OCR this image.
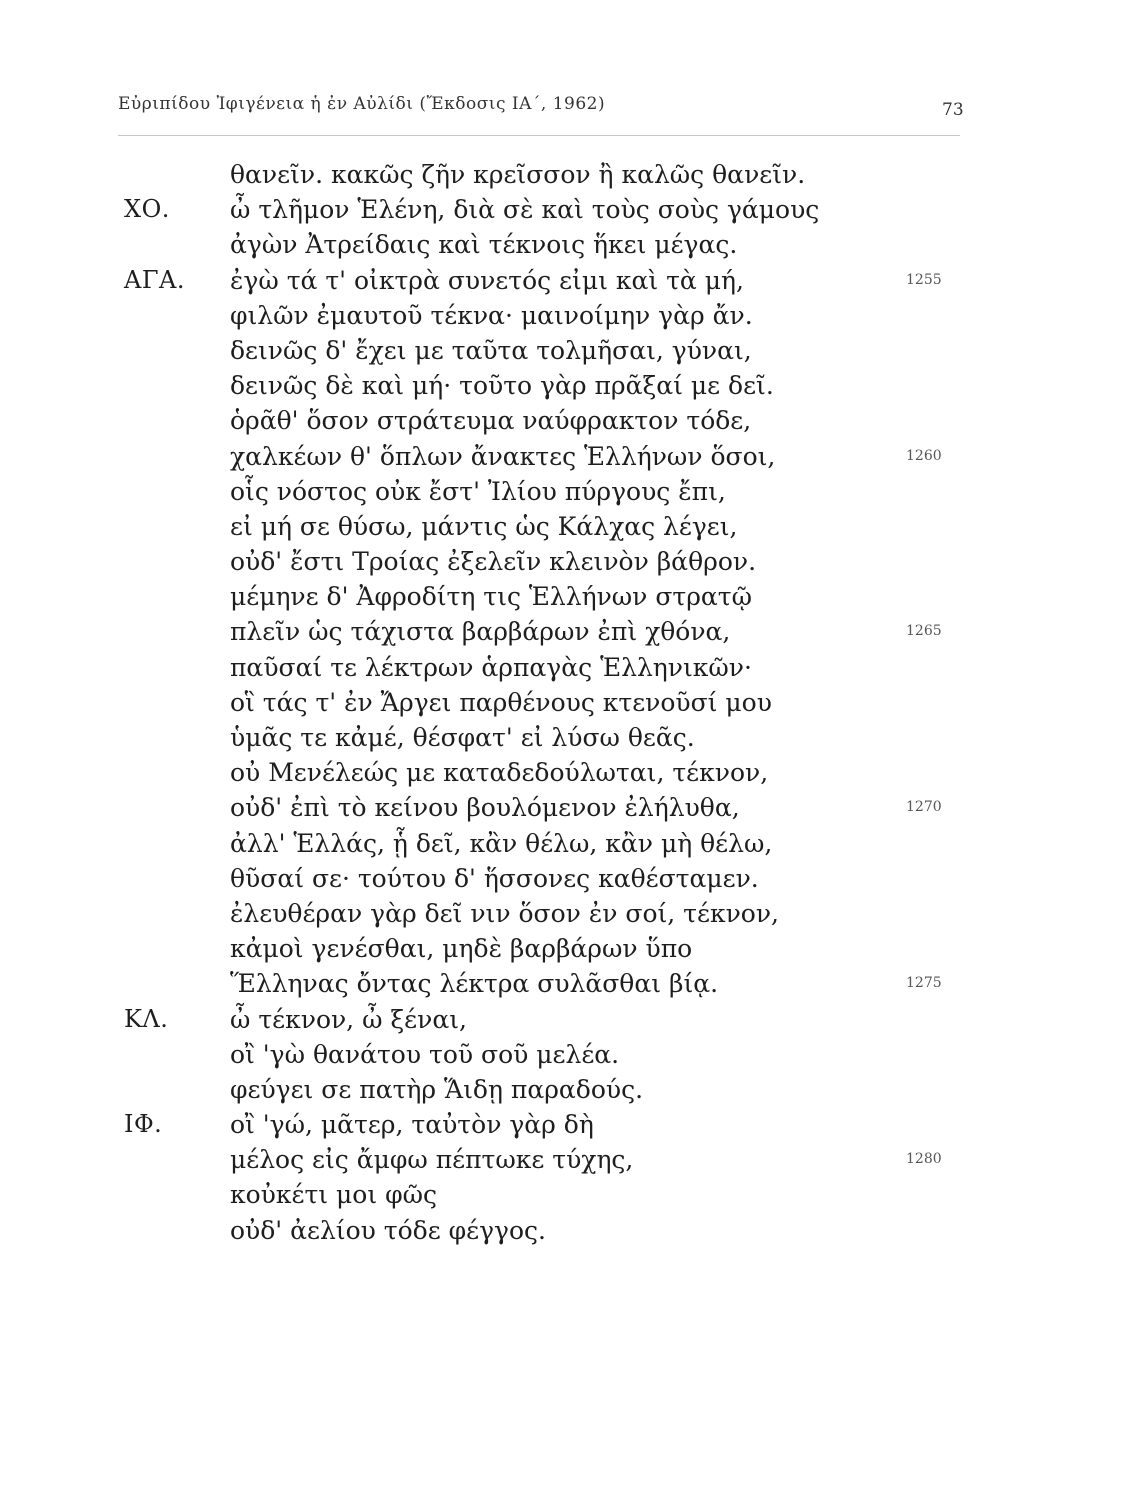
Εὐριπίδου Ἰφιγένεια ἡ ἐν Αὐλίδι (Ἔκδοσις ΙΑ΄, 1962)	73
θανεῖν. κακῶς ζῆν κρεῖσσον ἢ καλῶς θανεῖν.
ΧΟ. ὦ τλῆμον Ἑλένη, διὰ σὲ καὶ τοὺς σοὺς γάμους
ἀγὼν Ἀτρείδαις καὶ τέκνοις ἥκει μέγας.
ΑΓΑ. ἐγὼ τά τ' οἰκτρὰ συνετός εἰμι καὶ τὰ μή,	1255
φιλῶν ἐμαυτοῦ τέκνα· μαινοίμην γὰρ ἄν.
δεινῶς δ' ἔχει με ταῦτα τολμῆσαι, γύναι,
δεινῶς δὲ καὶ μή· τοῦτο γὰρ πρᾶξαί με δεῖ.
ὁρᾶθ' ὅσον στράτευμα ναύφρακτον τόδε,
χαλκέων θ' ὅπλων ἄνακτες Ἑλλήνων ὅσοι,	1260
οἷς νόστος οὐκ ἔστ' Ἰλίου πύργους ἔπι,
εἰ μή σε θύσω, μάντις ὡς Κάλχας λέγει,
οὐδ' ἔστι Τροίας ἐξελεῖν κλεινὸν βάθρον.
μέμηνε δ' Ἀφροδίτη τις Ἑλλήνων στρατῷ
πλεῖν ὡς τάχιστα βαρβάρων ἐπὶ χθόνα,	1265
παῦσαί τε λέκτρων ἁρπαγὰς Ἑλληνικῶν·
οἳ τάς τ' ἐν Ἄργει παρθένους κτενοῦσί μου
ὑμᾶς τε κἀμέ, θέσφατ' εἰ λύσω θεᾶς.
οὐ Μενέλεώς με καταδεδούλωται, τέκνον,
οὐδ' ἐπὶ τὸ κείνου βουλόμενον ἐλήλυθα,	1270
ἀλλ' Ἑλλάς, ᾗ δεῖ, κἂν θέλω, κἂν μὴ θέλω,
θῦσαί σε· τούτου δ' ἥσσονες καθέσταμεν.
ἐλευθέραν γὰρ δεῖ νιν ὅσον ἐν σοί, τέκνον,
κἀμοὶ γενέσθαι, μηδὲ βαρβάρων ὕπο
Ἕλληνας ὄντας λέκτρα συλᾶσθαι βίᾳ.	1275
ΚΛ. ὦ τέκνον, ὦ ξέναι,
οἲ 'γὼ θανάτου τοῦ σοῦ μελέα.
φεύγει σε πατὴρ Ἅιδῃ παραδούς.
ΙΦ.	οἲ 'γώ, μᾶτερ, ταὐτὸν γὰρ δὴ
μέλος εἰς ἄμφω πέπτωκε τύχης,	1280
κοὐκέτι μοι φῶς
οὐδ' ἀελίου τόδε φέγγος.
